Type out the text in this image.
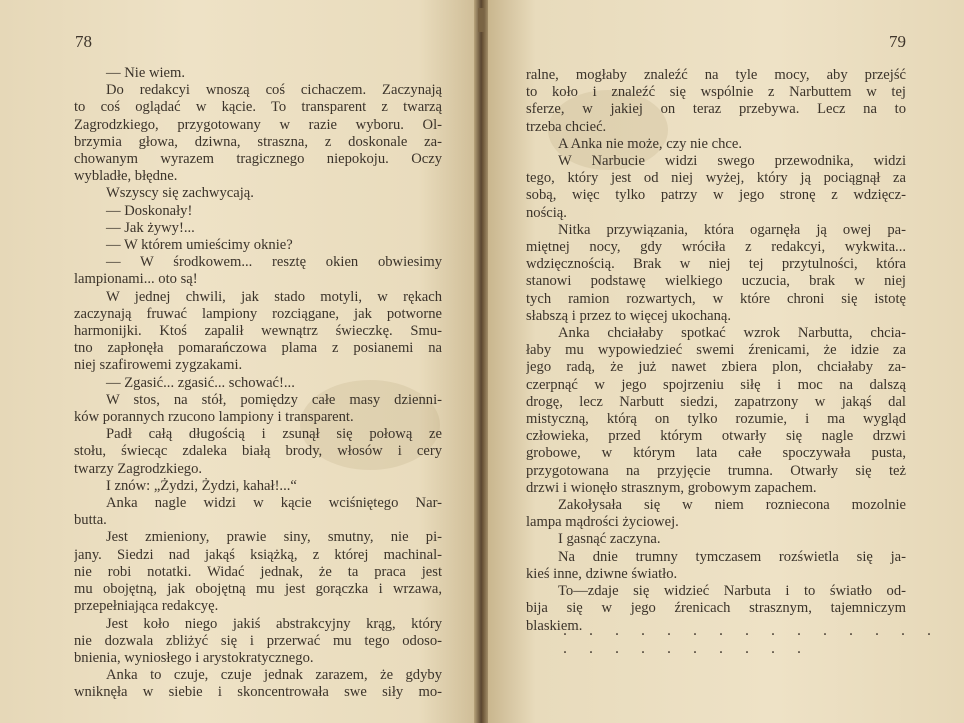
78
— Nie wiem.
Do redakcyi wnoszą coś cichaczem. Zaczynają
to coś oglądać w kącie. To transparent z twarzą
Zagrodzkiego, przygotowany w razie wyboru. Ol-
brzymia głowa, dziwna, straszna, z doskonale za-
chowanym wyrazem tragicznego niepokoju. Oczy
wybladłe, błędne.
Wszyscy się zachwycają.
— Doskonały!
— Jak żywy!...
— W którem umieścimy oknie?
— W środkowem... resztę okien obwiesimy
lampionami... oto są!
W jednej chwili, jak stado motyli, w rękach
zaczynają fruwać lampiony rozciągane, jak potworne
harmonijki. Ktoś zapalił wewnątrz świeczkę. Smu-
tno zapłonęła pomarańczowa plama z posianemi na
niej szafirowemi zygzakami.
— Zgasić... zgasić... schować!...
W stos, na stół, pomiędzy całe masy dzienni-
ków porannych rzucono lampiony i transparent.
Padł całą długością i zsunął się połową ze
stołu, świecąc zdaleka białą brody, włosów i cery
twarzy Zagrodzkiego.
I znów: „Żydzi, Żydzi, kahał!...“
Anka nagle widzi w kącie wciśniętego Nar-
butta.
Jest zmieniony, prawie siny, smutny, nie pi-
jany. Siedzi nad jakąś książką, z której machinal-
nie robi notatki. Widać jednak, że ta praca jest
mu obojętną, jak obojętną mu jest gorączka i wrzawa,
przepełniająca redakcyę.
Jest koło niego jakiś abstrakcyjny krąg, który
nie dozwala zbliżyć się i przerwać mu tego odoso-
bnienia, wyniosłego i arystokratycznego.
Anka to czuje, czuje jednak zarazem, że gdyby
wniknęła w siebie i skoncentrowała swe siły mo-
79
ralne, mogłaby znaleźć na tyle mocy, aby przejść
to koło i znaleźć się wspólnie z Narbuttem w tej
sferze, w jakiej on teraz przebywa. Lecz na to
trzeba chcieć.
A Anka nie może, czy nie chce.
W Narbucie widzi swego przewodnika, widzi
tego, który jest od niej wyżej, który ją pociągnął za
sobą, więc tylko patrzy w jego stronę z wdzięcz-
nością.
Nitka przywiązania, która ogarnęła ją owej pa-
miętnej nocy, gdy wróciła z redakcyi, wykwita...
wdzięcznością. Brak w niej tej przytulności, która
stanowi podstawę wielkiego uczucia, brak w niej
tych ramion rozwartych, w które chroni się istotę
słabszą i przez to więcej ukochaną.
Anka chciałaby spotkać wzrok Narbutta, chcia-
łaby mu wypowiedzieć swemi źrenicami, że idzie za
jego radą, że już nawet zbiera plon, chciałaby za-
czerpnąć w jego spojrzeniu siłę i moc na dalszą
drogę, lecz Narbutt siedzi, zapatrzony w jakąś dal
mistyczną, którą on tylko rozumie, i ma wygląd
człowieka, przed którym otwarły się nagle drzwi
grobowe, w którym lata całe spoczywała pusta,
przygotowana na przyjęcie trumna. Otwarły się też
drzwi i wionęło strasznym, grobowym zapachem.
Zakołysała się w niem rozniecona mozolnie
lampa mądrości życiowej.
I gasnąć zaczyna.
Na dnie trumny tymczasem rozświetla się ja-
kieś inne, dziwne światło.
To—zdaje się widzieć Narbuta i to światło od-
bija się w jego źrenicach strasznym, tajemniczym
blaskiem.
. . . . . . . . . . . . . . . . . . . . . . . . .
